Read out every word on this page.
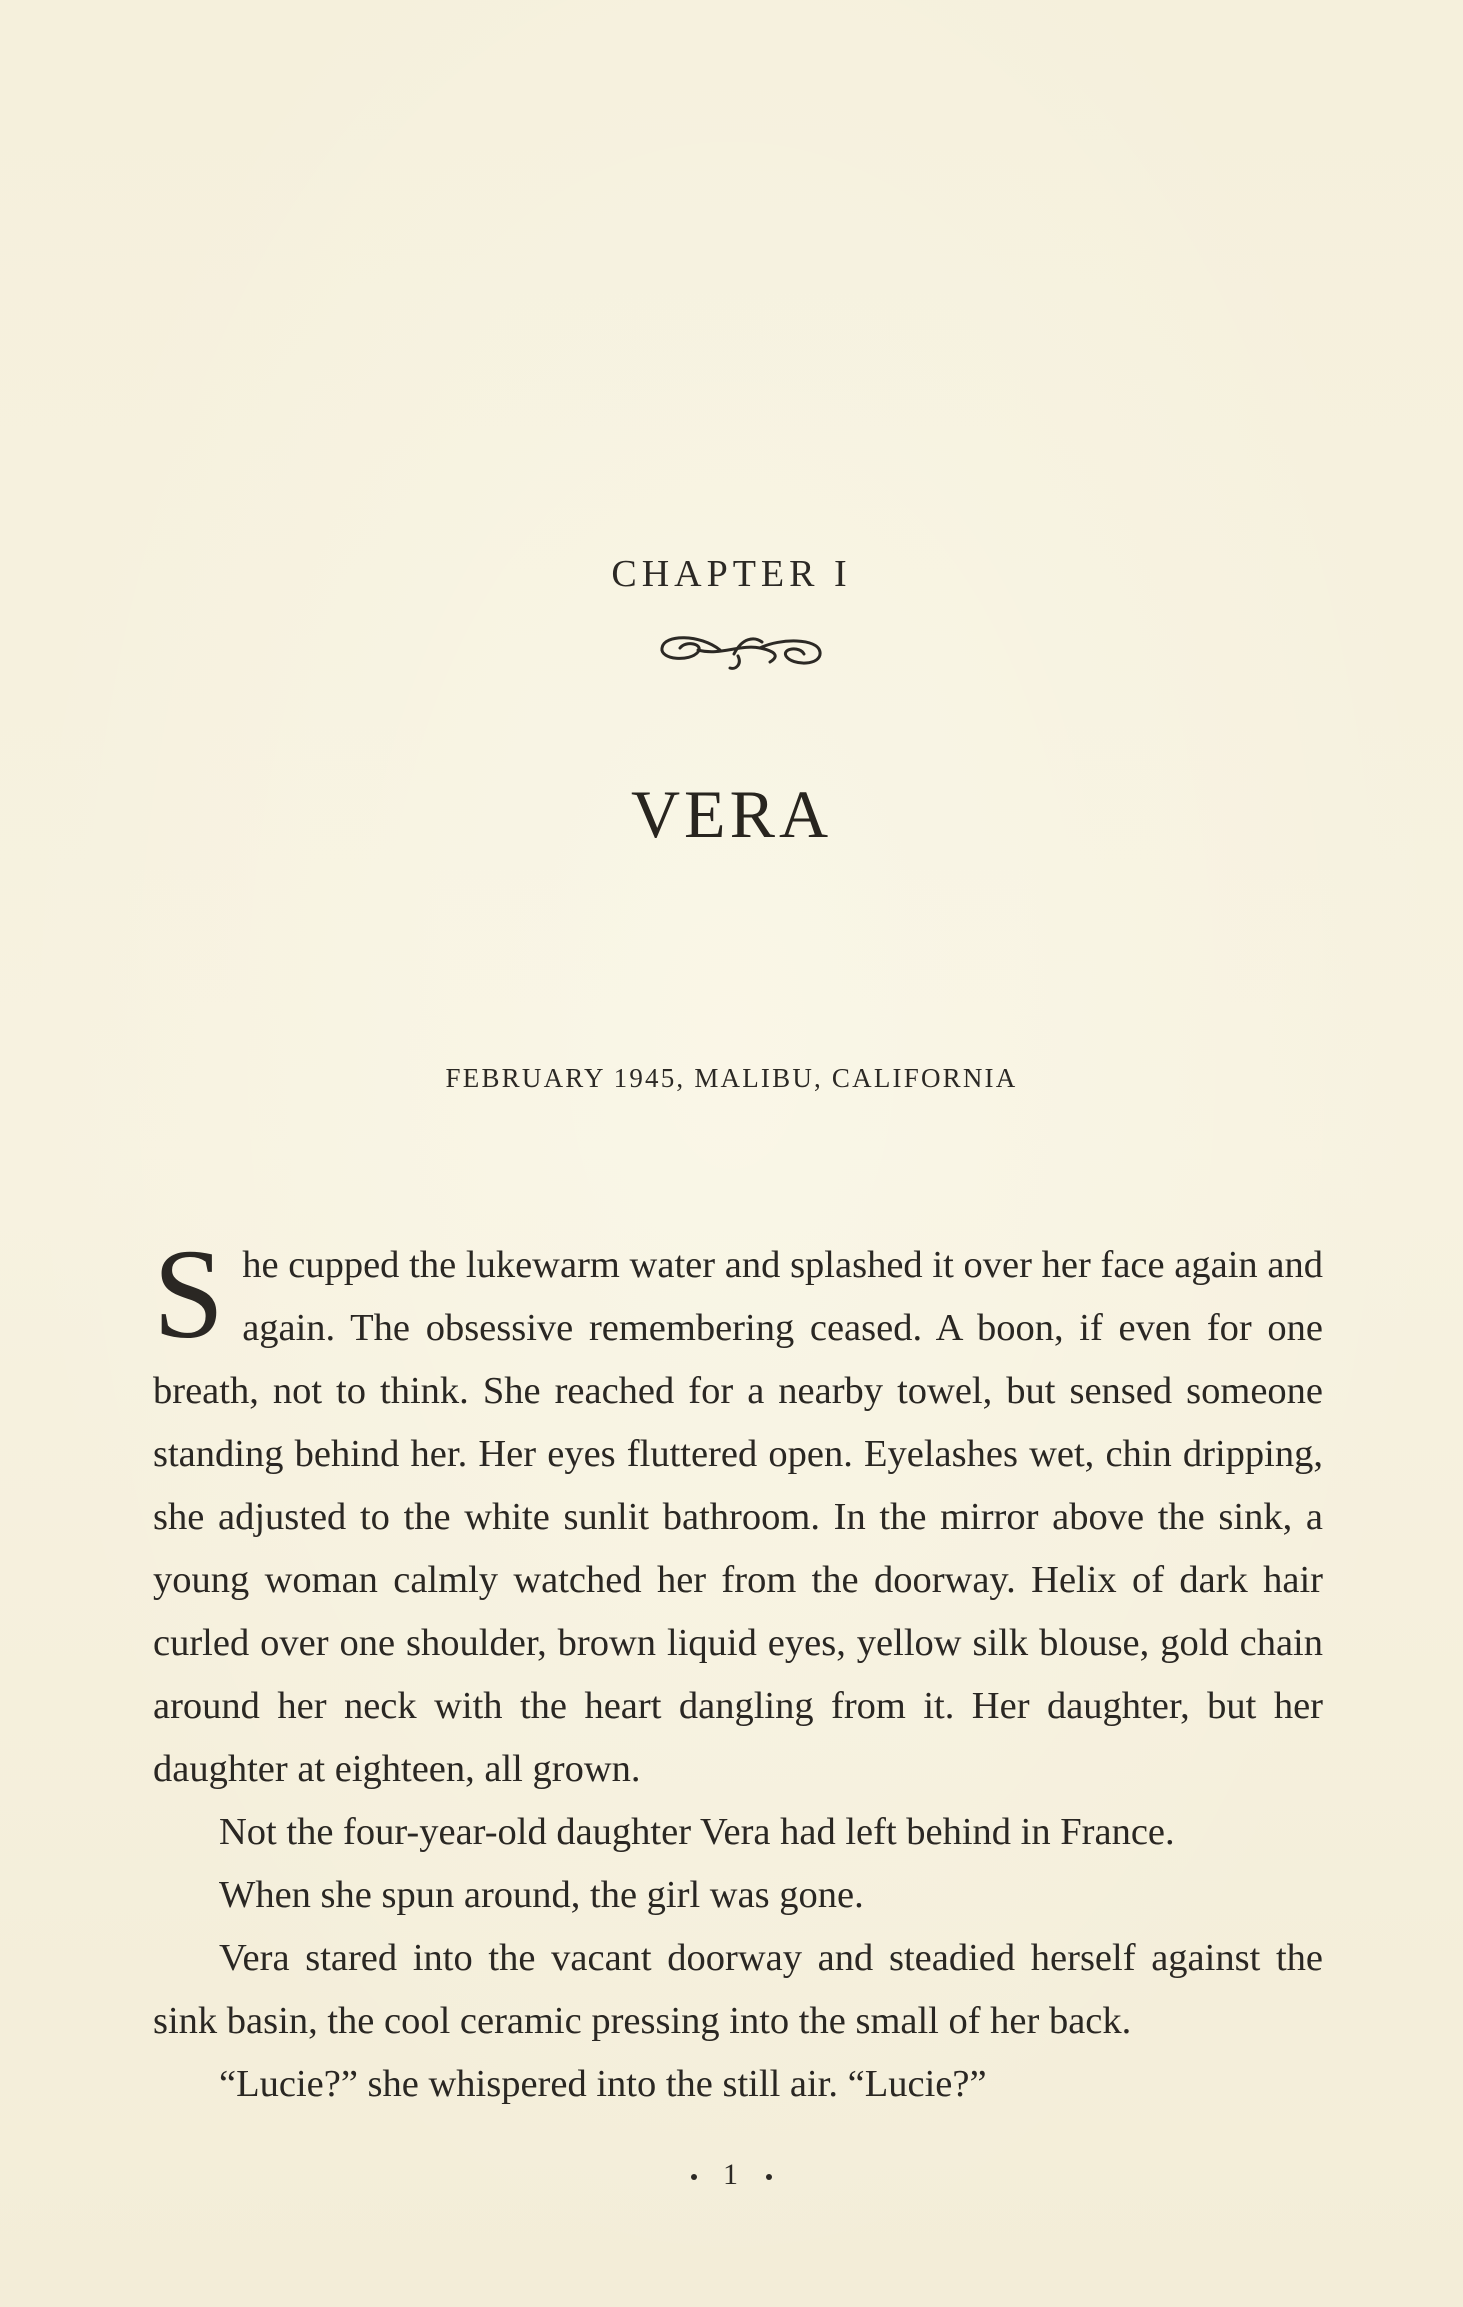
CHAPTER I
VERA
FEBRUARY 1945, MALIBU, CALIFORNIA

She cupped the lukewarm water and splashed it over her face again and again. The obsessive remembering ceased. A boon, if even for one breath, not to think. She reached for a nearby towel, but sensed someone standing behind her. Her eyes fluttered open. Eyelashes wet, chin dripping, she adjusted to the white sunlit bathroom. In the mirror above the sink, a young woman calmly watched her from the doorway. Helix of dark hair curled over one shoulder, brown liquid eyes, yellow silk blouse, gold chain around her neck with the heart dangling from it. Her daughter, but her daughter at eighteen, all grown.

Not the four-year-old daughter Vera had left behind in France.

When she spun around, the girl was gone.

Vera stared into the vacant doorway and steadied herself against the sink basin, the cool ceramic pressing into the small of her back.

“Lucie?” she whispered into the still air. “Lucie?”

1
